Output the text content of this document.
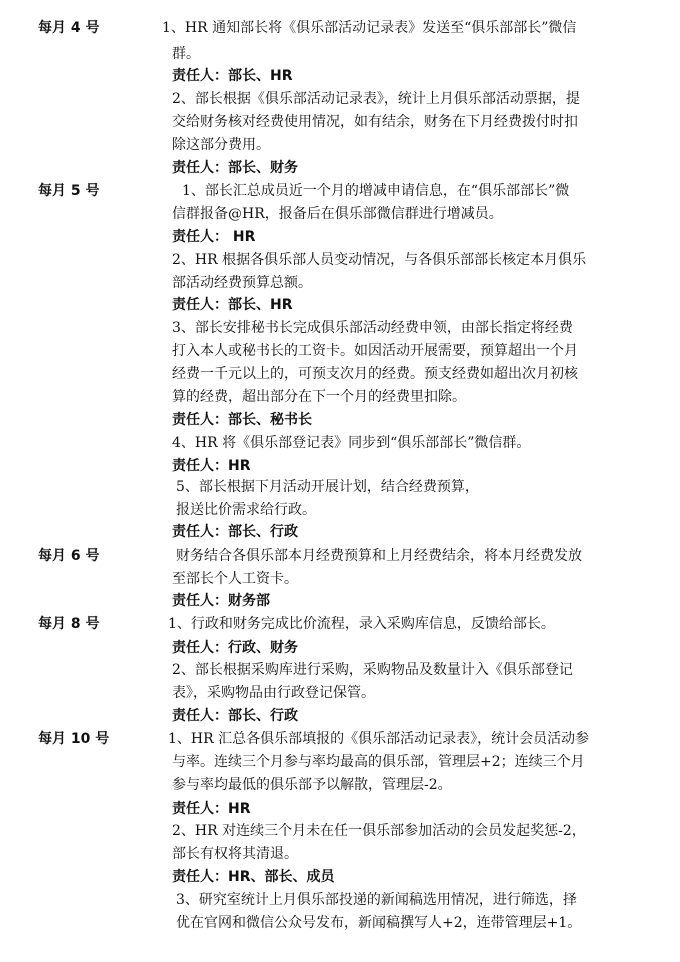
每月 4 号	1、HR 通知部长将《俱乐部活动记录表》发送至“俱乐部部长”微信
群。
责任人：部长、HR
2、部长根据《俱乐部活动记录表》，统计上月俱乐部活动票据，提
交给财务核对经费使用情况，如有结余，财务在下月经费拨付时扣
除这部分费用。
责任人：部长、财务
每月 5 号	1、部长汇总成员近一个月的增减申请信息，在“俱乐部部长”微
信群报备@HR，报备后在俱乐部微信群进行增减员。
责任人： HR
2、HR 根据各俱乐部人员变动情况，与各俱乐部部长核定本月俱乐
部活动经费预算总额。
责任人：部长、HR
3、部长安排秘书长完成俱乐部活动经费申领，由部长指定将经费
打入本人或秘书长的工资卡。如因活动开展需要，预算超出一个月
经费一千元以上的，可预支次月的经费。预支经费如超出次月初核
算的经费，超出部分在下一个月的经费里扣除。
责任人：部长、秘书长
4、HR 将《俱乐部登记表》同步到“俱乐部部长”微信群。
责任人：HR
5、部长根据下月活动开展计划，结合经费预算，
报送比价需求给行政。
责任人：部长、行政
每月 6 号	财务结合各俱乐部本月经费预算和上月经费结余，将本月经费发放
至部长个人工资卡。
责任人：财务部
每月 8 号	1、行政和财务完成比价流程，录入采购库信息，反馈给部长。
责任人：行政、财务
2、部长根据采购库进行采购，采购物品及数量计入《俱乐部登记
表》，采购物品由行政登记保管。
责任人：部长、行政
每月 10 号	1、HR 汇总各俱乐部填报的《俱乐部活动记录表》，统计会员活动参
与率。连续三个月参与率均最高的俱乐部，管理层+2；连续三个月
参与率均最低的俱乐部予以解散，管理层-2。
责任人：HR
2、HR 对连续三个月未在任一俱乐部参加活动的会员发起奖惩-2，
部长有权将其清退。
责任人：HR、部长、成员
3、研究室统计上月俱乐部投递的新闻稿选用情况，进行筛选，择
优在官网和微信公众号发布，新闻稿撰写人+2，连带管理层+1。
